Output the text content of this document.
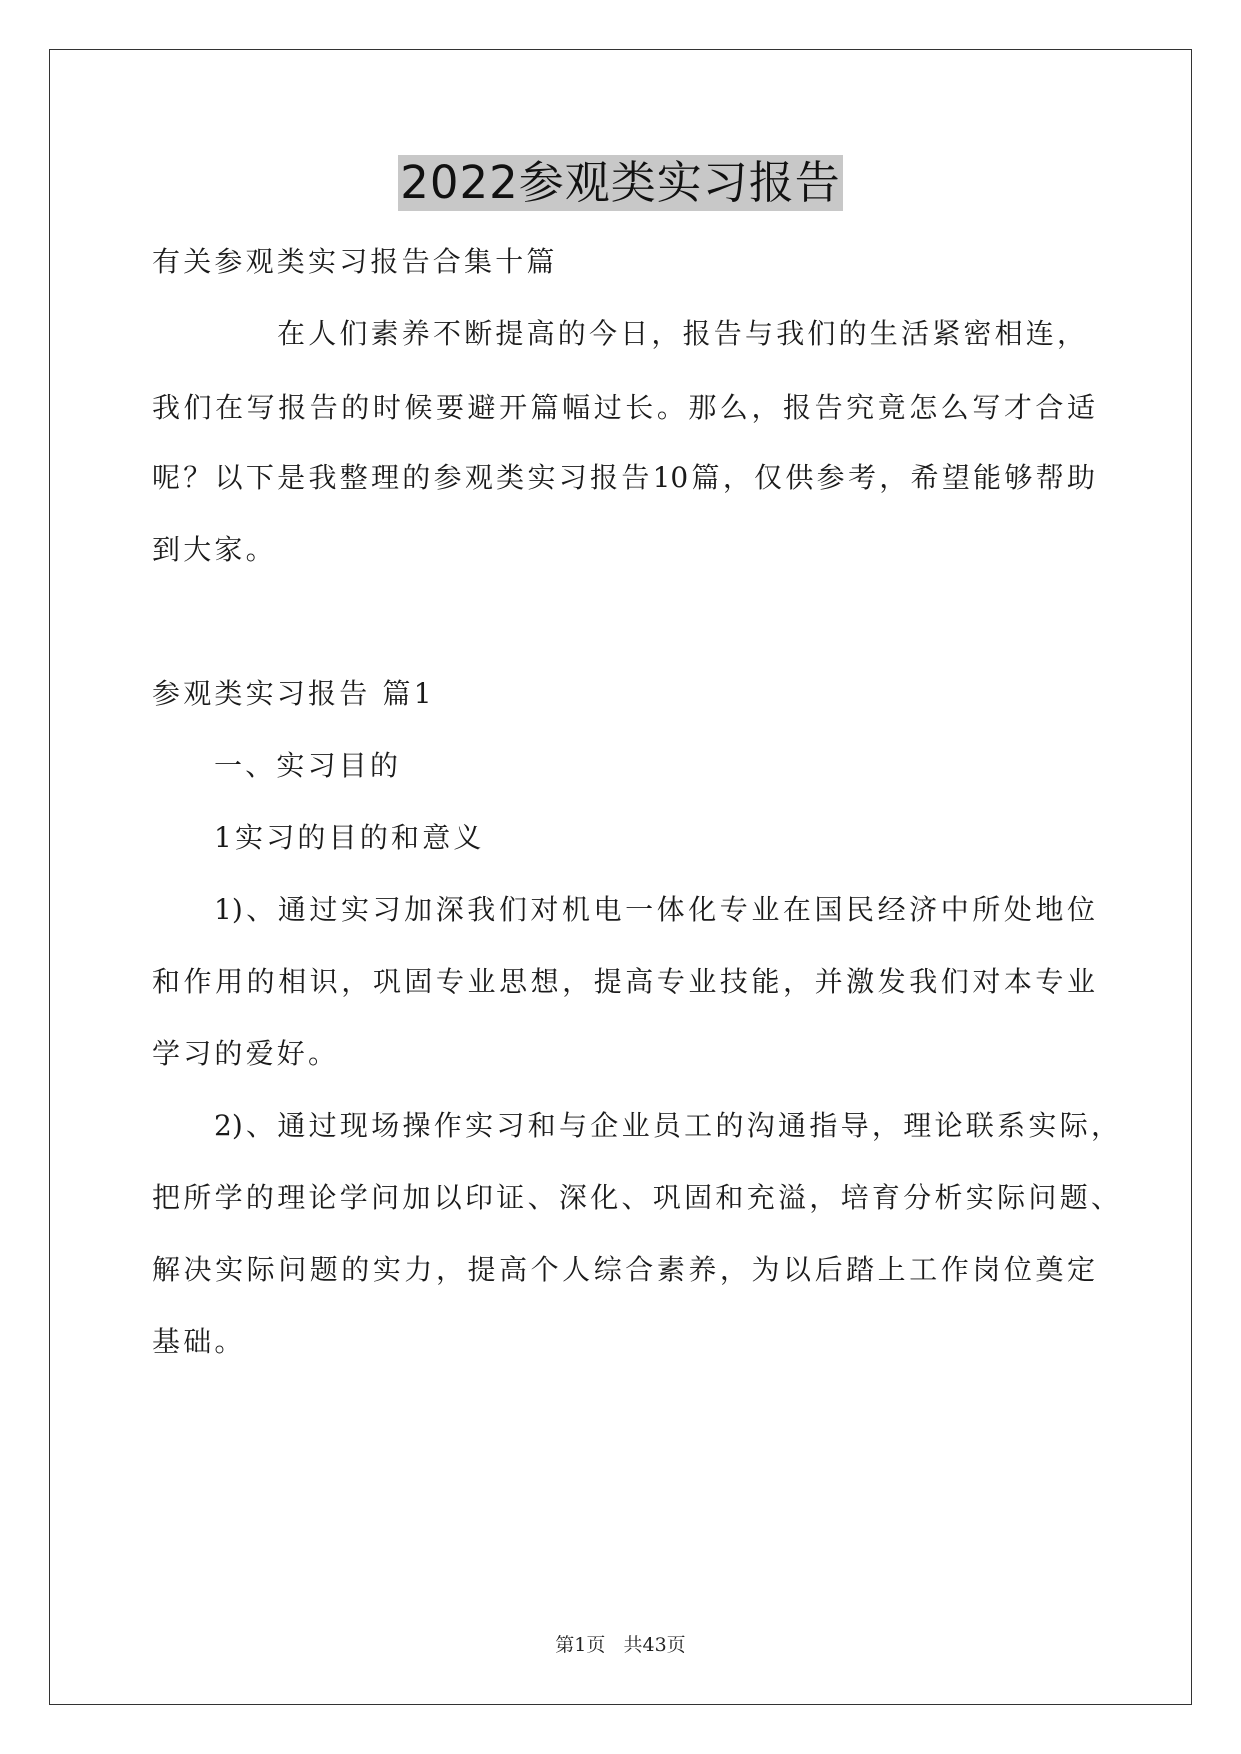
2022参观类实习报告
有关参观类实习报告合集十篇
在人们素养不断提高的今日，报告与我们的生活紧密相连，
我们在写报告的时候要避开篇幅过长。那么，报告究竟怎么写才合适
呢？以下是我整理的参观类实习报告10篇，仅供参考，希望能够帮助
到大家。
参观类实习报告 篇1
一、实习目的
1实习的目的和意义
1)、通过实习加深我们对机电一体化专业在国民经济中所处地位
和作用的相识，巩固专业思想，提高专业技能，并激发我们对本专业
学习的爱好。
2)、通过现场操作实习和与企业员工的沟通指导，理论联系实际，
把所学的理论学问加以印证、深化、巩固和充溢，培育分析实际问题、
解决实际问题的实力，提高个人综合素养，为以后踏上工作岗位奠定
基础。
第1页   共43页
